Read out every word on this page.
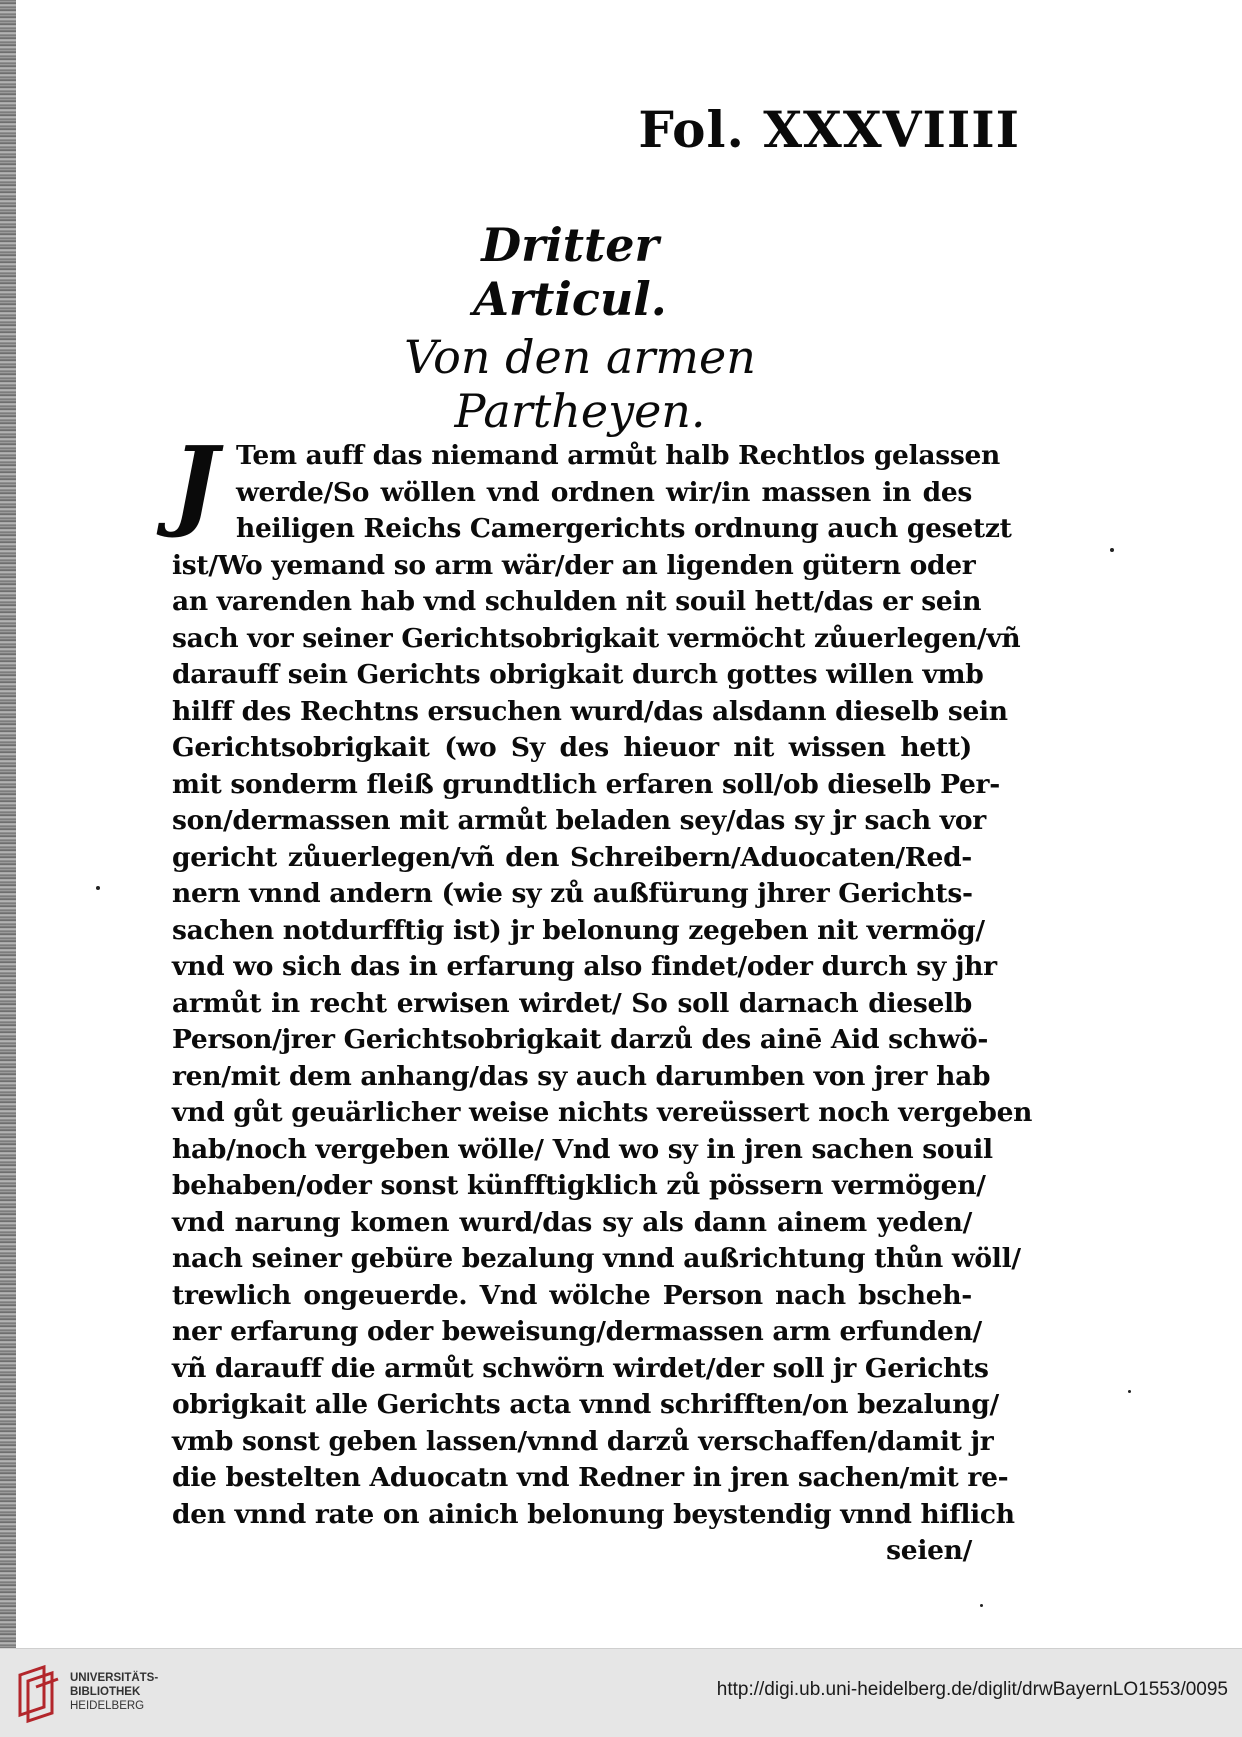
Fol. XXXVIIII
Dritter Articul.
Von den armen Partheyen.
J Tem auff das niemand armůt halb Rechtlos gelassen
werde/So wöllen vnd ordnen wir/in massen in des
heiligen Reichs Camergerichts ordnung auch gesetzt
ist/Wo yemand so arm wär/der an ligenden gütern oder
an varenden hab vnd schulden nit souil hett/das er sein
sach vor seiner Gerichtsobrigkait vermöcht zůuerlegen/vñ
darauff sein Gerichts obrigkait durch gottes willen vmb
hilff des Rechtns ersuchen wurd/das alsdann dieselb sein
Gerichtsobrigkait (wo Sy des hieuor nit wissen hett)
mit sonderm fleiß grundtlich erfaren soll/ob dieselb Per-
son/dermassen mit armůt beladen sey/das sy jr sach vor
gericht zůuerlegen/vñ den Schreibern/Aduocaten/Red-
nern vnnd andern (wie sy zů außfürung jhrer Gerichts-
sachen notdurfftig ist) jr belonung zegeben nit vermög/
vnd wo sich das in erfarung also findet/oder durch sy jhr
armůt in recht erwisen wirdet/ So soll darnach dieselb
Person/jrer Gerichtsobrigkait darzů des ainē Aid schwö-
ren/mit dem anhang/das sy auch darumben von jrer hab
vnd gůt geuärlicher weise nichts vereüssert noch vergeben
hab/noch vergeben wölle/ Vnd wo sy in jren sachen souil
behaben/oder sonst künfftigklich zů pössern vermögen/
vnd narung komen wurd/das sy als dann ainem yeden/
nach seiner gebüre bezalung vnnd außrichtung thůn wöll/
trewlich ongeuerde. Vnd wölche Person nach bscheh-
ner erfarung oder beweisung/dermassen arm erfunden/
vñ darauff die armůt schwörn wirdet/der soll jr Gerichts
obrigkait alle Gerichts acta vnnd schrifften/on bezalung/
vmb sonst geben lassen/vnnd darzů verschaffen/damit jr
die bestelten Aduocatn vnd Redner in jren sachen/mit re-
den vnnd rate on ainich belonung beystendig vnnd hiflich
seien/
UNIVERSITÄTS-
BIBLIOTHEK
HEIDELBERG
http://digi.ub.uni-heidelberg.de/diglit/drwBayernLO1553/0095
